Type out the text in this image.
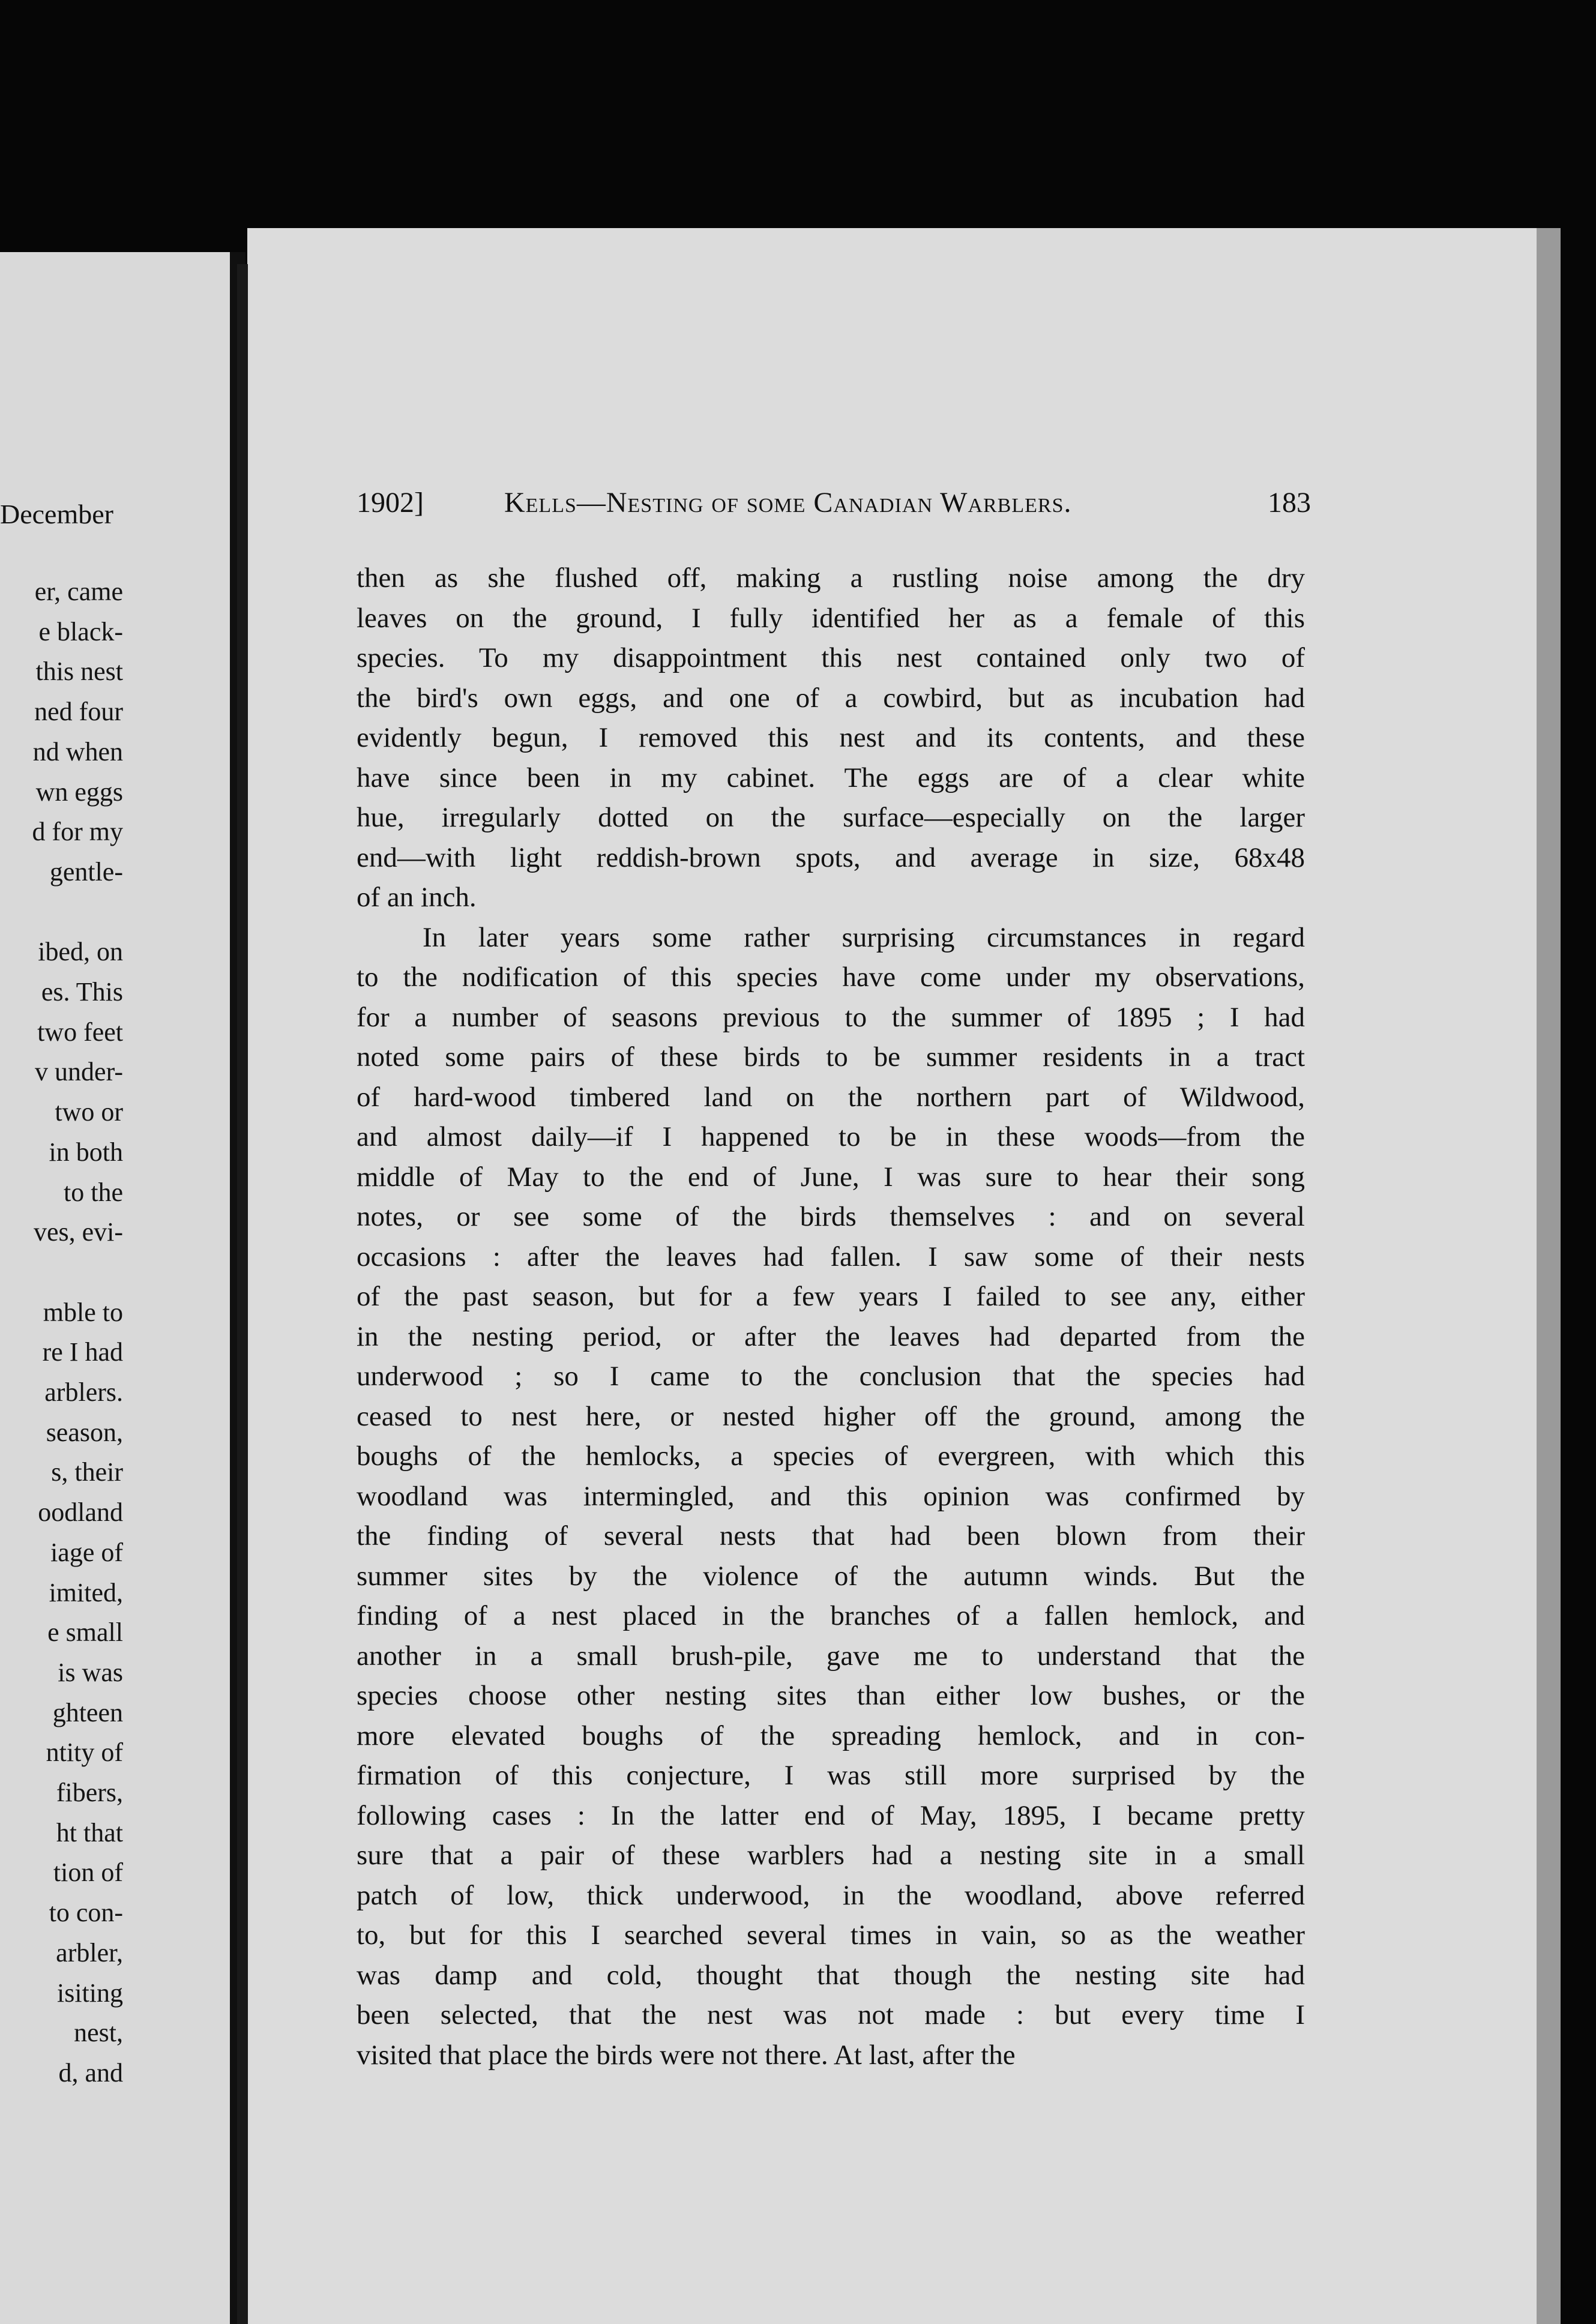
December
er, came
e black-
this nest
ned four
nd when
wn eggs
d for my
gentle-
ibed, on
es. This
two feet
v under-
two or
in both
to the
ves, evi-
mble to
re I had
arblers.
season,
s, their
oodland
iage of
imited,
e small
is was
ghteen
ntity of
fibers,
ht that
tion of
to con-
arbler,
isiting
nest,
d, and
1902]	Kells—Nesting of some Canadian Warblers.	183
then as she flushed off, making a rustling noise among the dry
leaves on the ground, I fully identified her as a female of this
species. To my disappointment this nest contained only two of
the bird's own eggs, and one of a cowbird, but as incubation had
evidently begun, I removed this nest and its contents, and these
have since been in my cabinet. The eggs are of a clear white
hue, irregularly dotted on the surface—especially on the larger
end—with light reddish-brown spots, and average in size, 68x48
of an inch.
In later years some rather surprising circumstances in regard
to the nodification of this species have come under my observations,
for a number of seasons previous to the summer of 1895 ; I had
noted some pairs of these birds to be summer residents in a tract
of hard-wood timbered land on the northern part of Wildwood,
and almost daily—if I happened to be in these woods—from the
middle of May to the end of June, I was sure to hear their song
notes, or see some of the birds themselves : and on several
occasions : after the leaves had fallen. I saw some of their nests
of the past season, but for a few years I failed to see any, either
in the nesting period, or after the leaves had departed from the
underwood ; so I came to the conclusion that the species had
ceased to nest here, or nested higher off the ground, among the
boughs of the hemlocks, a species of evergreen, with which this
woodland was intermingled, and this opinion was confirmed by
the finding of several nests that had been blown from their
summer sites by the violence of the autumn winds. But the
finding of a nest placed in the branches of a fallen hemlock, and
another in a small brush-pile, gave me to understand that the
species choose other nesting sites than either low bushes, or the
more elevated boughs of the spreading hemlock, and in con-
firmation of this conjecture, I was still more surprised by the
following cases : In the latter end of May, 1895, I became pretty
sure that a pair of these warblers had a nesting site in a small
patch of low, thick underwood, in the woodland, above referred
to, but for this I searched several times in vain, so as the weather
was damp and cold, thought that though the nesting site had
been selected, that the nest was not made : but every time I
visited that place the birds were not there. At last, after the
